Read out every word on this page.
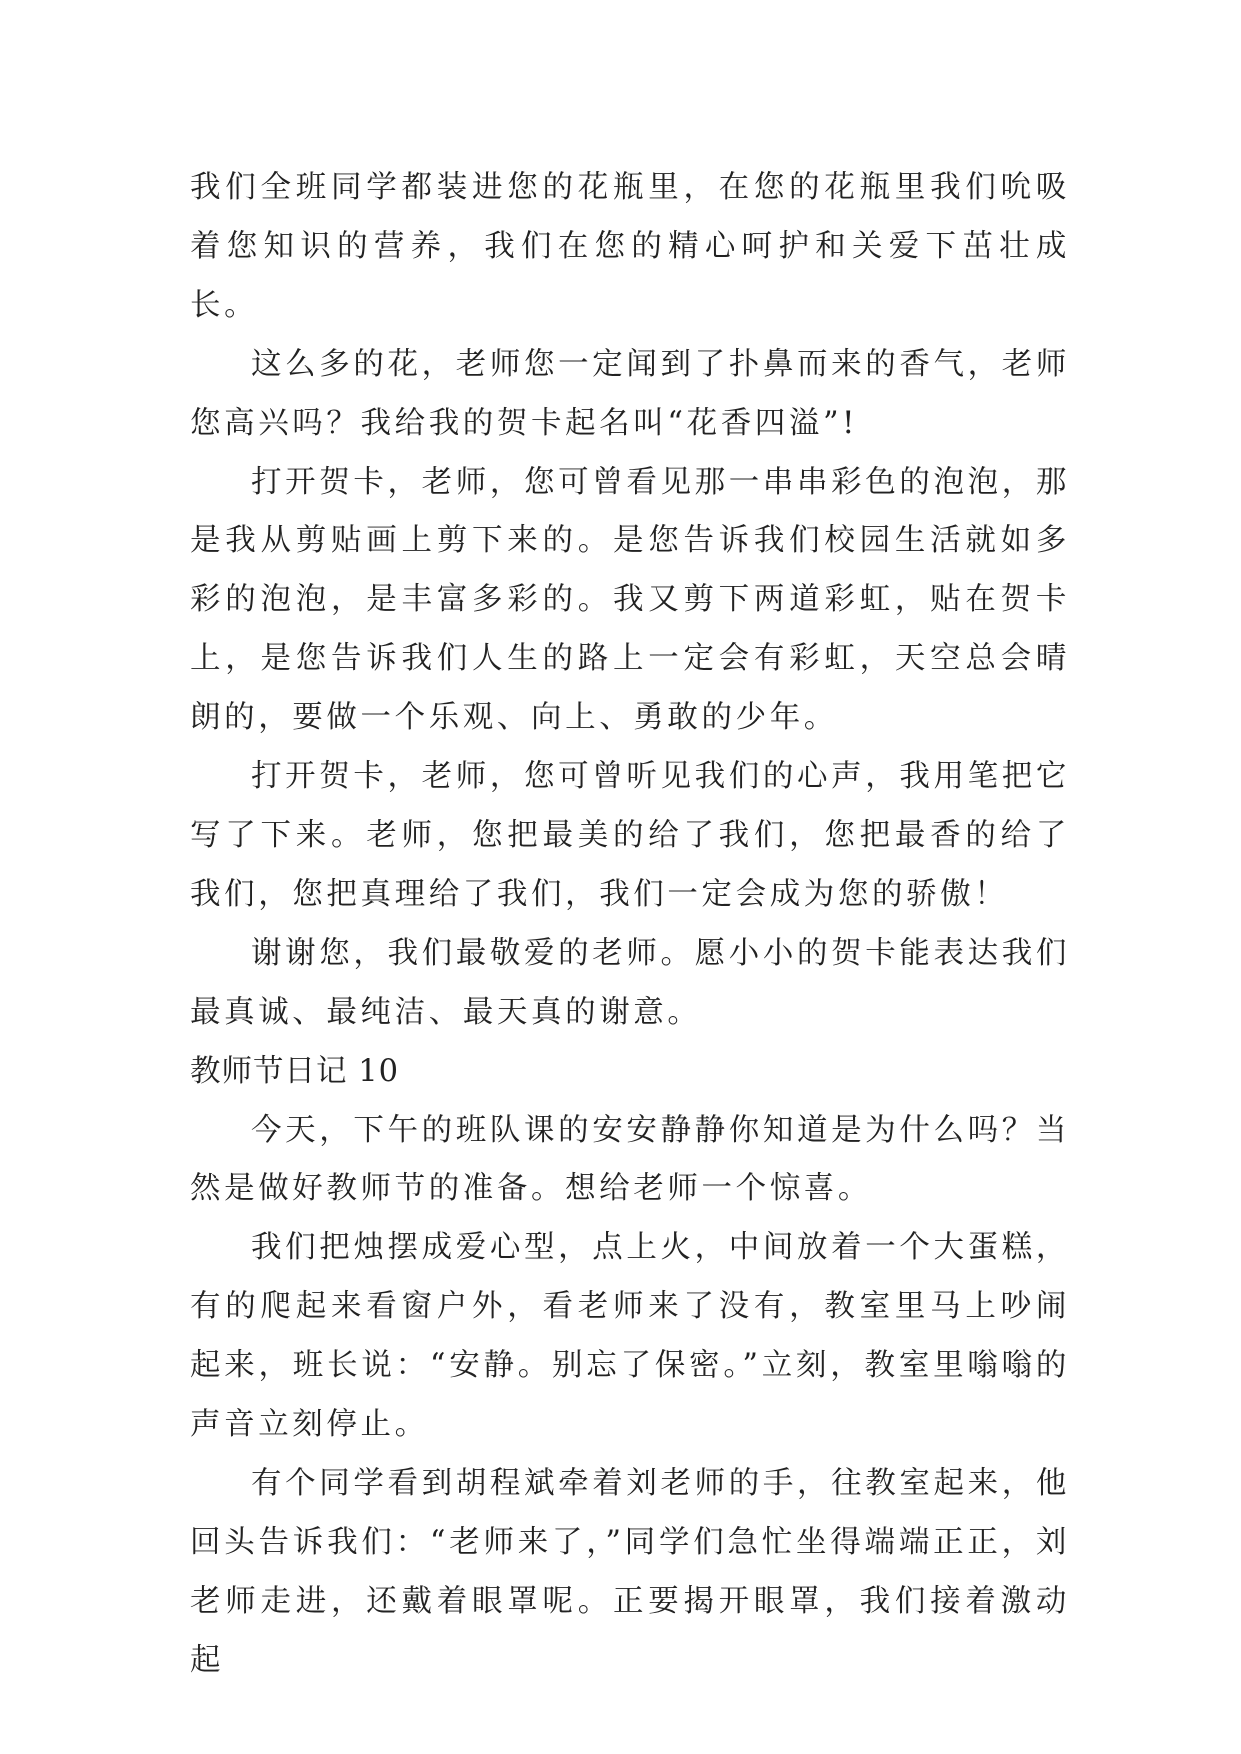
我们全班同学都装进您的花瓶里，在您的花瓶里我们吮吸着您知识的营养，我们在您的精心呵护和关爱下茁壮成长。

这么多的花，老师您一定闻到了扑鼻而来的香气，老师您高兴吗？我给我的贺卡起名叫“花香四溢”!

打开贺卡，老师，您可曾看见那一串串彩色的泡泡，那是我从剪贴画上剪下来的。是您告诉我们校园生活就如多彩的泡泡，是丰富多彩的。我又剪下两道彩虹，贴在贺卡上，是您告诉我们人生的路上一定会有彩虹，天空总会晴朗的，要做一个乐观、向上、勇敢的少年。

打开贺卡，老师，您可曾听见我们的心声，我用笔把它写了下来。老师，您把最美的给了我们，您把最香的给了我们，您把真理给了我们，我们一定会成为您的骄傲！

谢谢您，我们最敬爱的老师。愿小小的贺卡能表达我们最真诚、最纯洁、最天真的谢意。

教师节日记 10

今天，下午的班队课的安安静静你知道是为什么吗？当然是做好教师节的准备。想给老师一个惊喜。

我们把烛摆成爱心型，点上火，中间放着一个大蛋糕，有的爬起来看窗户外，看老师来了没有，教室里马上吵闹起来，班长说：“安静。别忘了保密。”立刻，教室里嗡嗡的声音立刻停止。

有个同学看到胡程斌牵着刘老师的手，往教室起来，他回头告诉我们：“老师来了，”同学们急忙坐得端端正正，刘老师走进，还戴着眼罩呢。正要揭开眼罩，我们接着激动起
